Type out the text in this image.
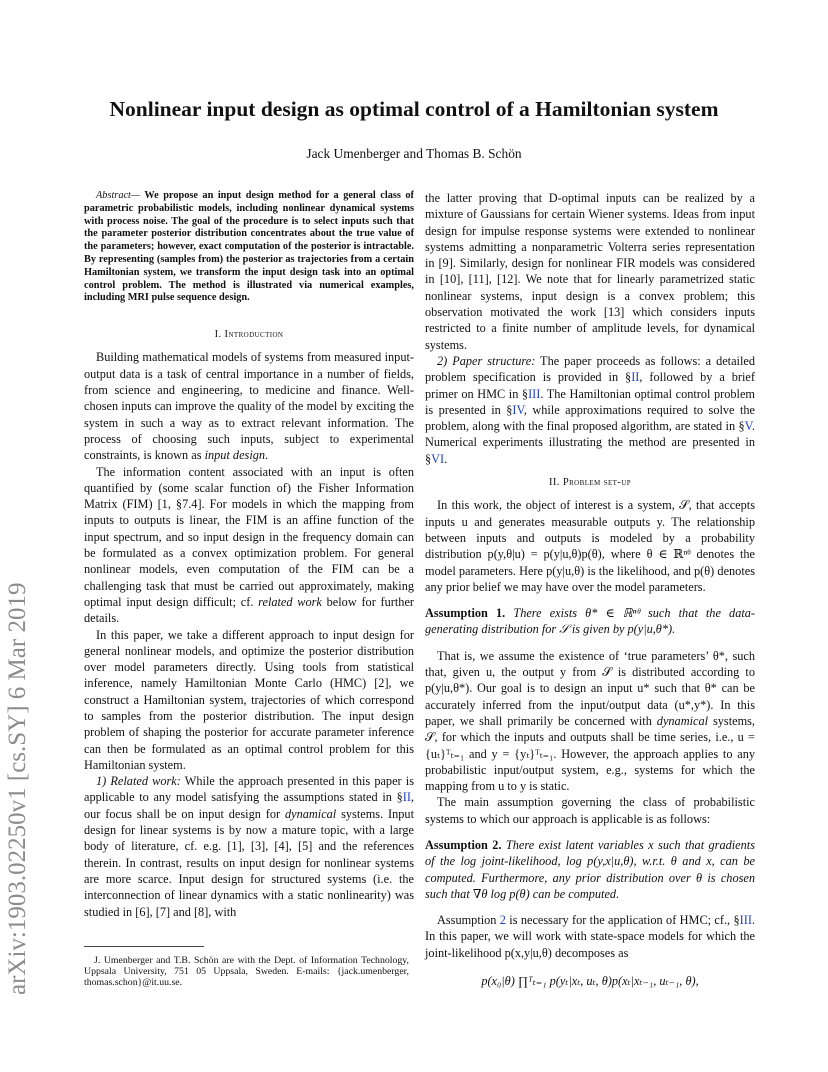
Nonlinear input design as optimal control of a Hamiltonian system
Jack Umenberger and Thomas B. Schön
arXiv:1903.02250v1 [cs.SY] 6 Mar 2019

Abstract— We propose an input design method for a general class of parametric probabilistic models, including nonlinear dynamical systems with process noise. The goal of the procedure is to select inputs such that the parameter posterior distribution concentrates about the true value of the parameters; however, exact computation of the posterior is intractable. By representing (samples from) the posterior as trajectories from a certain Hamiltonian system, we transform the input design task into an optimal control problem. The method is illustrated via numerical examples, including MRI pulse sequence design.

I. Introduction

Building mathematical models of systems from measured input-output data is a task of central importance in a number of fields, from science and engineering, to medicine and finance. Well-chosen inputs can improve the quality of the model by exciting the system in such a way as to extract relevant information. The process of choosing such inputs, subject to experimental constraints, is known as input design.

The information content associated with an input is often quantified by (some scalar function of) the Fisher Information Matrix (FIM) [1, §7.4]. For models in which the mapping from inputs to outputs is linear, the FIM is an affine function of the input spectrum, and so input design in the frequency domain can be formulated as a convex optimization problem. For general nonlinear models, even computation of the FIM can be a challenging task that must be carried out approximately, making optimal input design difficult; cf. related work below for further details.

In this paper, we take a different approach to input design for general nonlinear models, and optimize the posterior distribution over model parameters directly. Using tools from statistical inference, namely Hamiltonian Monte Carlo (HMC) [2], we construct a Hamiltonian system, trajectories of which correspond to samples from the posterior distribution. The input design problem of shaping the posterior for accurate parameter inference can then be formulated as an optimal control problem for this Hamiltonian system.

1) Related work: While the approach presented in this paper is applicable to any model satisfying the assumptions stated in §II, our focus shall be on input design for dynamical systems. Input design for linear systems is by now a mature topic, with a large body of literature, cf. e.g. [1], [3], [4], [5] and the references therein. In contrast, results on input design for nonlinear systems are more scarce. Input design for structured systems (i.e. the interconnection of linear dynamics with a static nonlinearity) was studied in [6], [7] and [8], with

J. Umenberger and T.B. Schön are with the Dept. of Information Technology, Uppsala University, 751 05 Uppsala, Sweden. E-mails: {jack.umenberger, thomas.schon}@it.uu.se.

the latter proving that D-optimal inputs can be realized by a mixture of Gaussians for certain Wiener systems. Ideas from input design for impulse response systems were extended to nonlinear systems admitting a nonparametric Volterra series representation in [9]. Similarly, design for nonlinear FIR models was considered in [10], [11], [12]. We note that for linearly parametrized static nonlinear systems, input design is a convex problem; this observation motivated the work [13] which considers inputs restricted to a finite number of amplitude levels, for dynamical systems.

2) Paper structure: The paper proceeds as follows: a detailed problem specification is provided in §II, followed by a brief primer on HMC in §III. The Hamiltonian optimal control problem is presented in §IV, while approximations required to solve the problem, along with the final proposed algorithm, are stated in §V. Numerical experiments illustrating the method are presented in §VI.

II. Problem set-up

In this work, the object of interest is a system, 𝒮, that accepts inputs u and generates measurable outputs y. The relationship between inputs and outputs is modeled by a probability distribution p(y,θ|u) = p(y|u,θ)p(θ), where θ ∈ ℝⁿᶿ denotes the model parameters. Here p(y|u,θ) is the likelihood, and p(θ) denotes any prior belief we may have over the model parameters.

Assumption 1. There exists θ* ∈ ℝⁿᶿ such that the data-generating distribution for 𝒮 is given by p(y|u,θ*).

That is, we assume the existence of ‘true parameters’ θ*, such that, given u, the output y from 𝒮 is distributed according to p(y|u,θ*). Our goal is to design an input u* such that θ* can be accurately inferred from the input/output data (u*,y*). In this paper, we shall primarily be concerned with dynamical systems, 𝒮, for which the inputs and outputs shall be time series, i.e., u = {uₜ}ᵀₜ₌₁ and y = {yₜ}ᵀₜ₌₁. However, the approach applies to any probabilistic input/output system, e.g., systems for which the mapping from u to y is static.

The main assumption governing the class of probabilistic systems to which our approach is applicable is as follows:

Assumption 2. There exist latent variables x such that gradients of the log joint-likelihood, log p(y,x|u,θ), w.r.t. θ and x, can be computed. Furthermore, any prior distribution over θ is chosen such that ∇θ log p(θ) can be computed.

Assumption 2 is necessary for the application of HMC; cf., §III. In this paper, we will work with state-space models for which the joint-likelihood p(x,y|u,θ) decomposes as

p(x₀|θ) ∏ᵀₜ₌₁ p(yₜ|xₜ, uₜ, θ)p(xₜ|xₜ₋₁, uₜ₋₁, θ),
